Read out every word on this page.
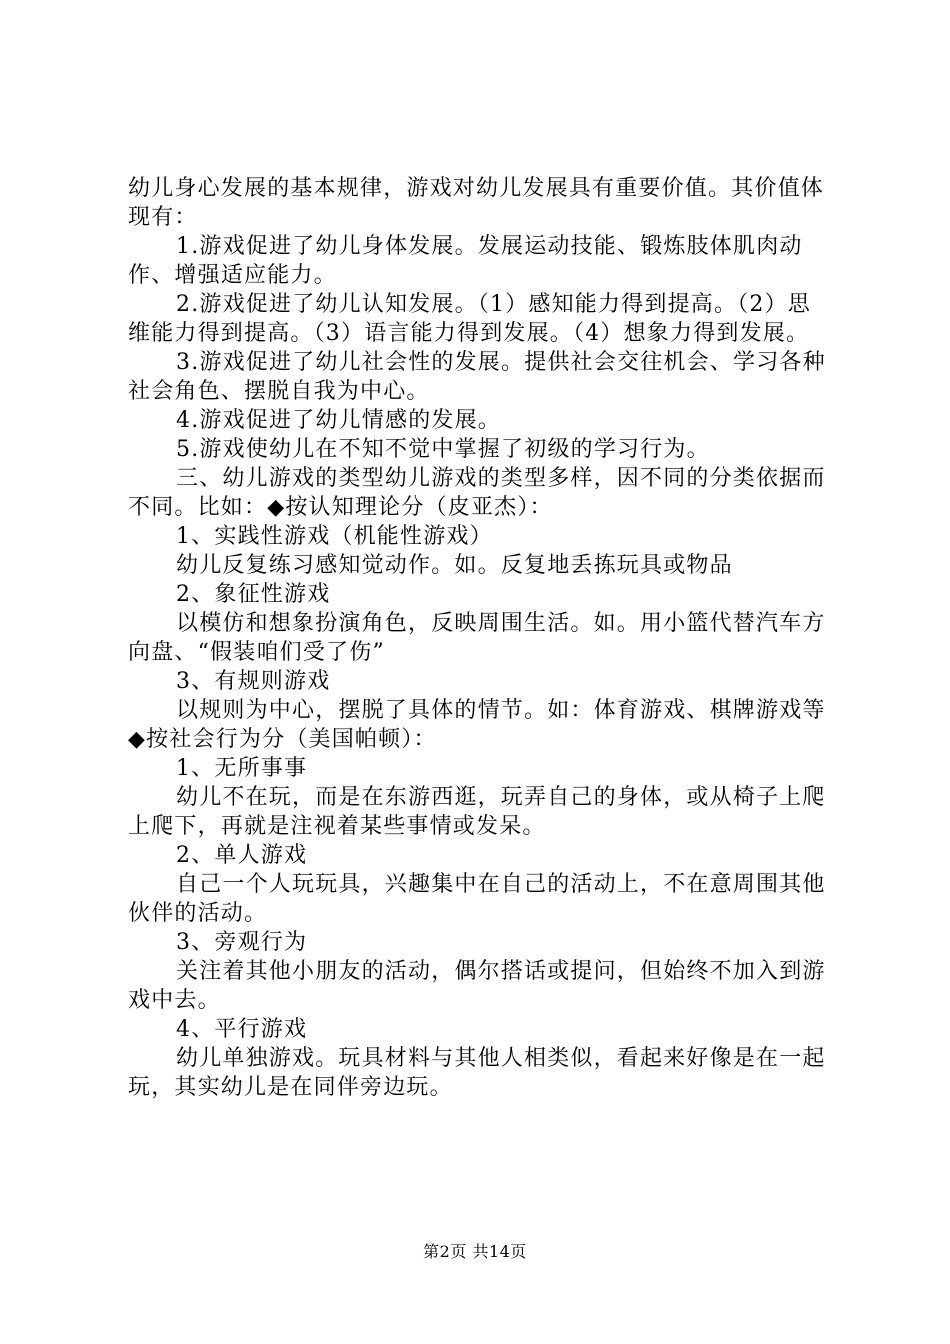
幼儿身心发展的基本规律，游戏对幼儿发展具有重要价值。其价值体现有：

1.游戏促进了幼儿身体发展。发展运动技能、锻炼肢体肌肉动作、增强适应能力。

2.游戏促进了幼儿认知发展。（1）感知能力得到提高。（2）思维能力得到提高。（3）语言能力得到发展。（4）想象力得到发展。

3.游戏促进了幼儿社会性的发展。提供社会交往机会、学习各种社会角色、摆脱自我为中心。

4.游戏促进了幼儿情感的发展。

5.游戏使幼儿在不知不觉中掌握了初级的学习行为。

三、幼儿游戏的类型幼儿游戏的类型多样，因不同的分类依据而不同。比如：◆按认知理论分（皮亚杰）：

1、实践性游戏（机能性游戏）

幼儿反复练习感知觉动作。如。反复地丢拣玩具或物品

2、象征性游戏

以模仿和想象扮演角色，反映周围生活。如。用小篮代替汽车方向盘、“假装咱们受了伤”

3、有规则游戏

以规则为中心，摆脱了具体的情节。如：体育游戏、棋牌游戏等◆按社会行为分（美国帕顿）：

1、无所事事

幼儿不在玩，而是在东游西逛，玩弄自己的身体，或从椅子上爬上爬下，再就是注视着某些事情或发呆。

2、单人游戏

自己一个人玩玩具，兴趣集中在自己的活动上，不在意周围其他伙伴的活动。

3、旁观行为

关注着其他小朋友的活动，偶尔搭话或提问，但始终不加入到游戏中去。

4、平行游戏

幼儿单独游戏。玩具材料与其他人相类似，看起来好像是在一起玩，其实幼儿是在同伴旁边玩。

第2页 共14页
